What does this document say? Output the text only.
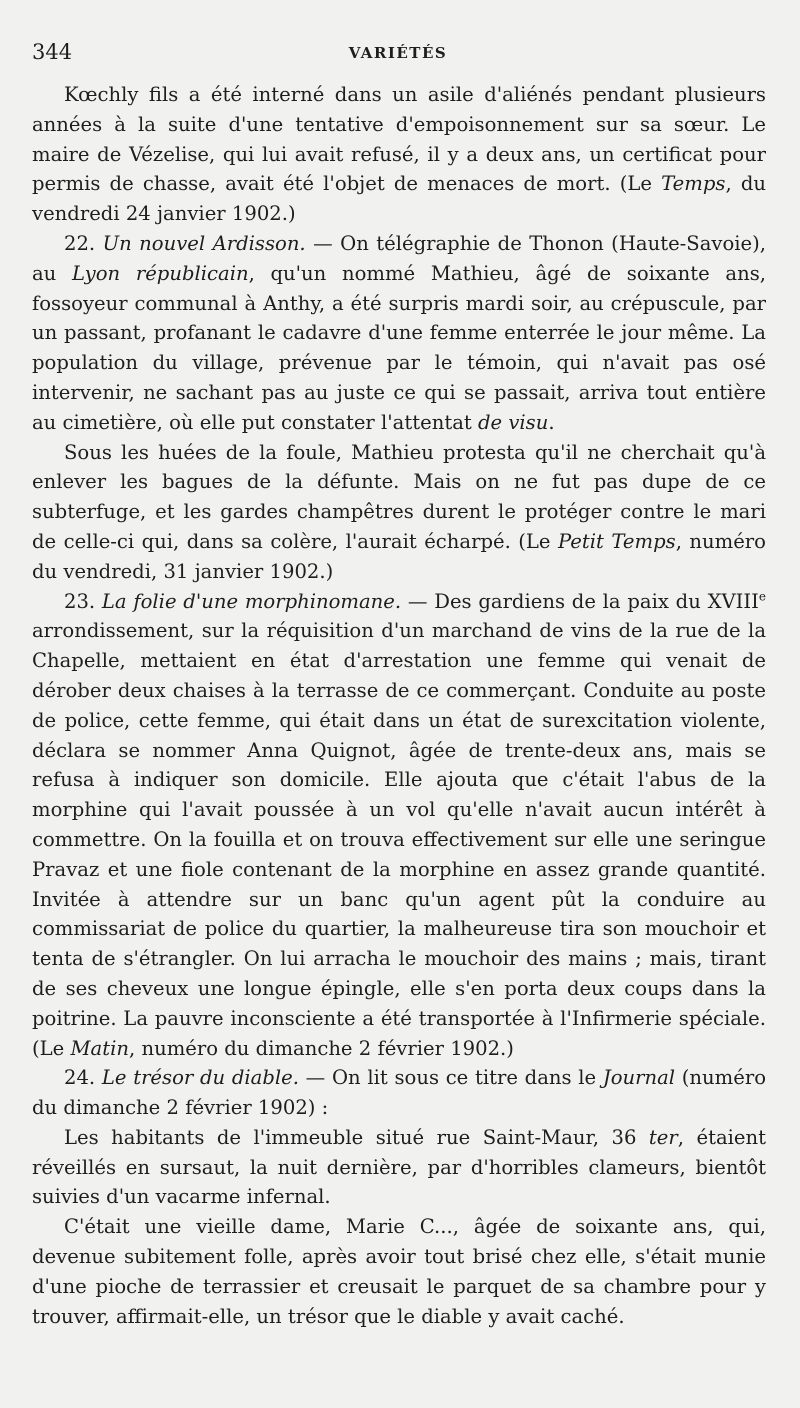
344	VARIÉTÉS

Kœchly fils a été interné dans un asile d'aliénés pendant plusieurs années à la suite d'une tentative d'empoisonnement sur sa sœur. Le maire de Vézelise, qui lui avait refusé, il y a deux ans, un certificat pour permis de chasse, avait été l'objet de menaces de mort. (Le Temps, du vendredi 24 janvier 1902.)

22. Un nouvel Ardisson. — On télégraphie de Thonon (Haute-Savoie), au Lyon républicain, qu'un nommé Mathieu, âgé de soixante ans, fossoyeur communal à Anthy, a été surpris mardi soir, au crépuscule, par un passant, profanant le cadavre d'une femme enterrée le jour même. La population du village, prévenue par le témoin, qui n'avait pas osé intervenir, ne sachant pas au juste ce qui se passait, arriva tout entière au cimetière, où elle put constater l'attentat de visu.

Sous les huées de la foule, Mathieu protesta qu'il ne cherchait qu'à enlever les bagues de la défunte. Mais on ne fut pas dupe de ce subterfuge, et les gardes champêtres durent le protéger contre le mari de celle-ci qui, dans sa colère, l'aurait écharpé. (Le Petit Temps, numéro du vendredi, 31 janvier 1902.)

23. La folie d'une morphinomane. — Des gardiens de la paix du XVIIIe arrondissement, sur la réquisition d'un marchand de vins de la rue de la Chapelle, mettaient en état d'arrestation une femme qui venait de dérober deux chaises à la terrasse de ce commerçant. Conduite au poste de police, cette femme, qui était dans un état de surexcitation violente, déclara se nommer Anna Quignot, âgée de trente-deux ans, mais se refusa à indiquer son domicile. Elle ajouta que c'était l'abus de la morphine qui l'avait poussée à un vol qu'elle n'avait aucun intérêt à commettre. On la fouilla et on trouva effectivement sur elle une seringue Pravaz et une fiole contenant de la morphine en assez grande quantité. Invitée à attendre sur un banc qu'un agent pût la conduire au commissariat de police du quartier, la malheureuse tira son mouchoir et tenta de s'étrangler. On lui arracha le mouchoir des mains ; mais, tirant de ses cheveux une longue épingle, elle s'en porta deux coups dans la poitrine. La pauvre inconsciente a été transportée à l'Infirmerie spéciale. (Le Matin, numéro du dimanche 2 février 1902.)

24. Le trésor du diable. — On lit sous ce titre dans le Journal (numéro du dimanche 2 février 1902) :

Les habitants de l'immeuble situé rue Saint-Maur, 36 ter, étaient réveillés en sursaut, la nuit dernière, par d'horribles clameurs, bientôt suivies d'un vacarme infernal.

C'était une vieille dame, Marie C..., âgée de soixante ans, qui, devenue subitement folle, après avoir tout brisé chez elle, s'était munie d'une pioche de terrassier et creusait le parquet de sa chambre pour y trouver, affirmait-elle, un trésor que le diable y avait caché.
